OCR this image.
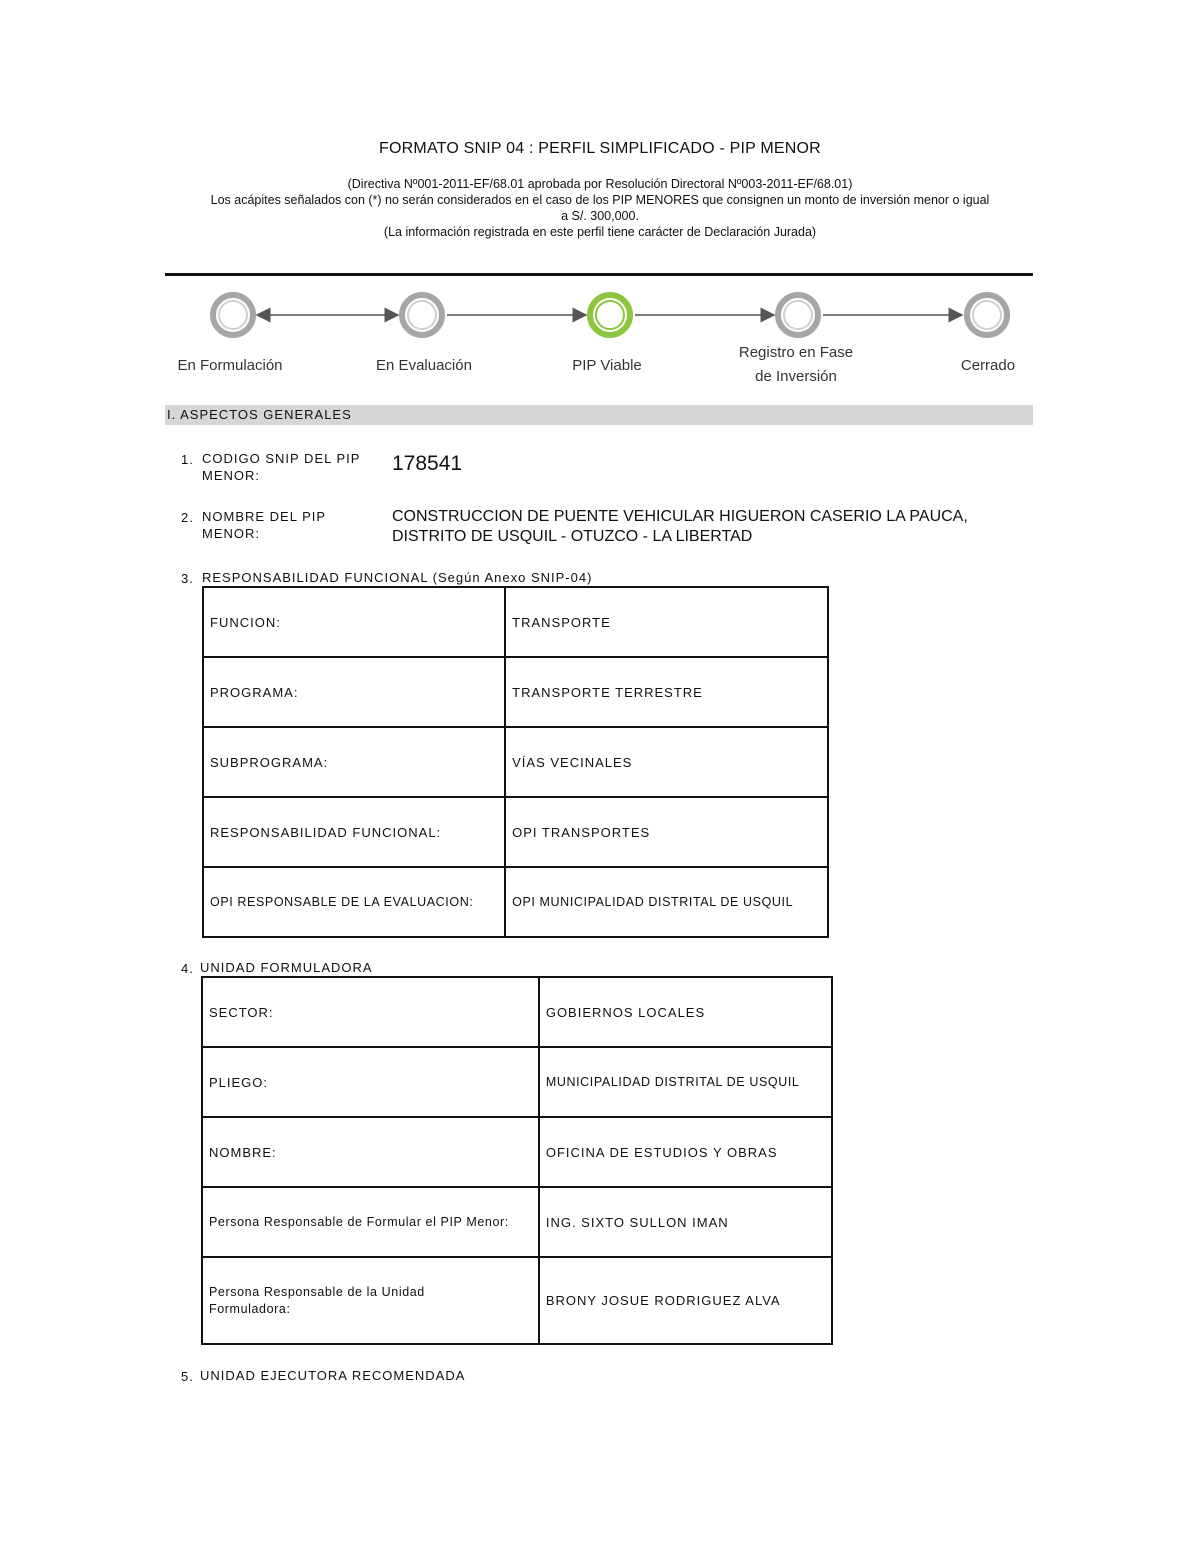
FORMATO SNIP 04 : PERFIL SIMPLIFICADO - PIP MENOR
(Directiva Nº001-2011-EF/68.01 aprobada por Resolución Directoral Nº003-2011-EF/68.01)
Los acápites señalados con (*) no serán considerados en el caso de los PIP MENORES que consignen un monto de inversión menor o igual
a S/. 300,000.
(La información registrada en este perfil tiene carácter de Declaración Jurada)
En Formulación	En Evaluación	PIP Viable
Registro en Fase
de Inversión
Cerrado
I. ASPECTOS GENERALES
1. CODIGO SNIP DEL PIP
MENOR:
178541
2. NOMBRE DEL PIP
MENOR:
CONSTRUCCION DE PUENTE VEHICULAR HIGUERON CASERIO LA PAUCA,
DISTRITO DE USQUIL - OTUZCO - LA LIBERTAD
3. RESPONSABILIDAD FUNCIONAL (Según Anexo SNIP-04)
FUNCION:	TRANSPORTE
PROGRAMA:	TRANSPORTE TERRESTRE
SUBPROGRAMA:	VÍAS VECINALES
RESPONSABILIDAD FUNCIONAL:	OPI TRANSPORTES
OPI RESPONSABLE DE LA EVALUACION:	OPI MUNICIPALIDAD DISTRITAL DE USQUIL
4. UNIDAD FORMULADORA
SECTOR:	GOBIERNOS LOCALES
PLIEGO:	MUNICIPALIDAD DISTRITAL DE USQUIL
NOMBRE:	OFICINA DE ESTUDIOS Y OBRAS
Persona Responsable de Formular el PIP Menor:	ING. SIXTO SULLON IMAN

Persona Responsable de la Unidad
Formuladora:	BRONY JOSUE RODRIGUEZ ALVA
5. UNIDAD EJECUTORA RECOMENDADA
